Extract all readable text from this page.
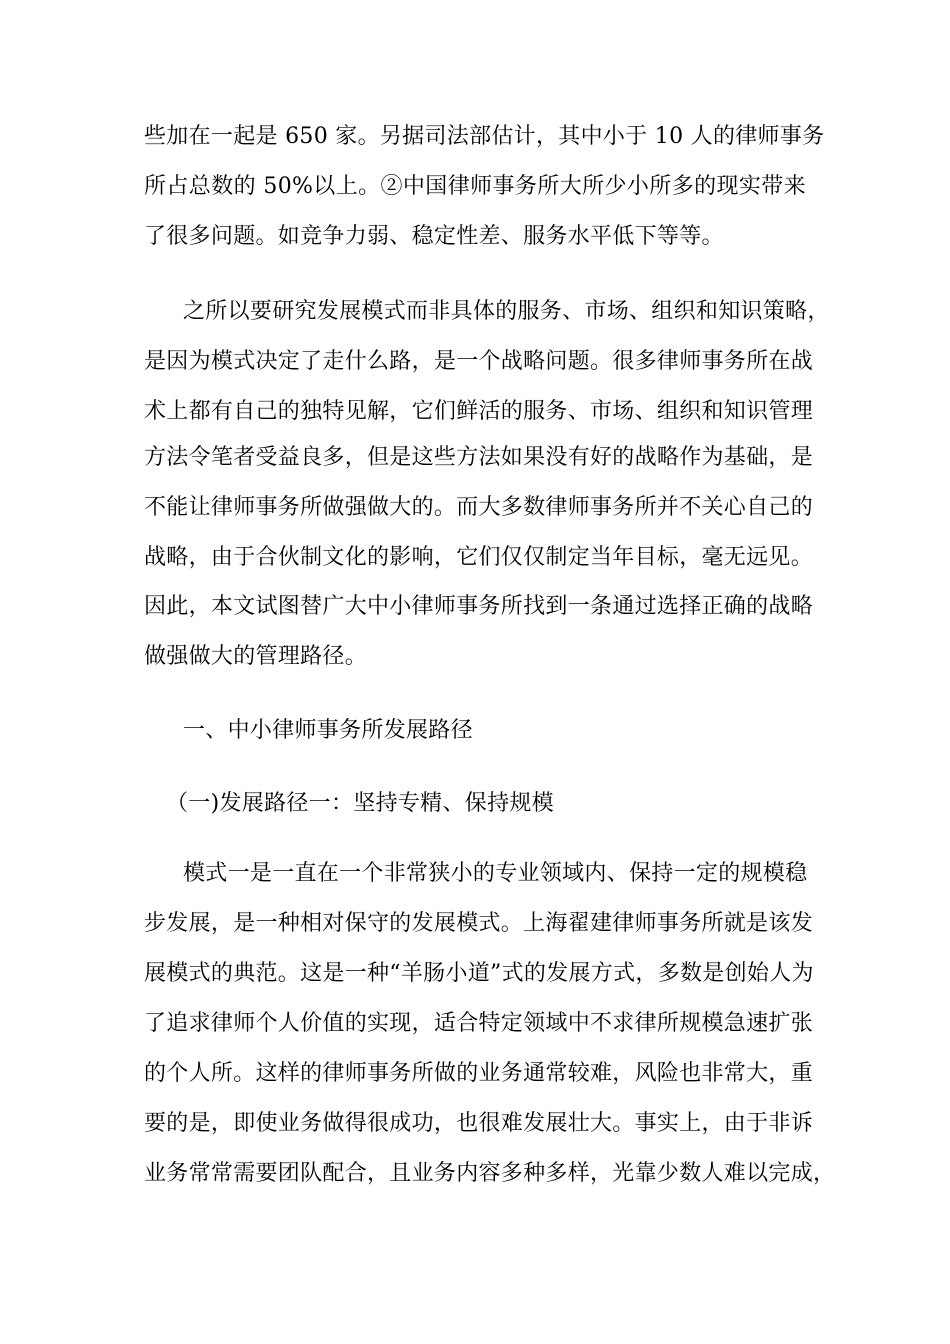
些加在一起是 650 家。另据司法部估计，其中小于 10 人的律师事务
所占总数的 50%以上。②中国律师事务所大所少小所多的现实带来
了很多问题。如竞争力弱、稳定性差、服务水平低下等等。
之所以要研究发展模式而非具体的服务、市场、组织和知识策略，
是因为模式决定了走什么路，是一个战略问题。很多律师事务所在战
术上都有自己的独特见解，它们鲜活的服务、市场、组织和知识管理
方法令笔者受益良多，但是这些方法如果没有好的战略作为基础，是
不能让律师事务所做强做大的。而大多数律师事务所并不关心自己的
战略，由于合伙制文化的影响，它们仅仅制定当年目标，毫无远见。
因此，本文试图替广大中小律师事务所找到一条通过选择正确的战略
做强做大的管理路径。
一、中小律师事务所发展路径
（一)发展路径一：坚持专精、保持规模
模式一是一直在一个非常狭小的专业领域内、保持一定的规模稳
步发展，是一种相对保守的发展模式。上海翟建律师事务所就是该发
展模式的典范。这是一种“羊肠小道”式的发展方式，多数是创始人为
了追求律师个人价值的实现，适合特定领域中不求律所规模急速扩张
的个人所。这样的律师事务所做的业务通常较难，风险也非常大，重
要的是，即使业务做得很成功，也很难发展壮大。事实上，由于非诉
业务常常需要团队配合，且业务内容多种多样，光靠少数人难以完成，
